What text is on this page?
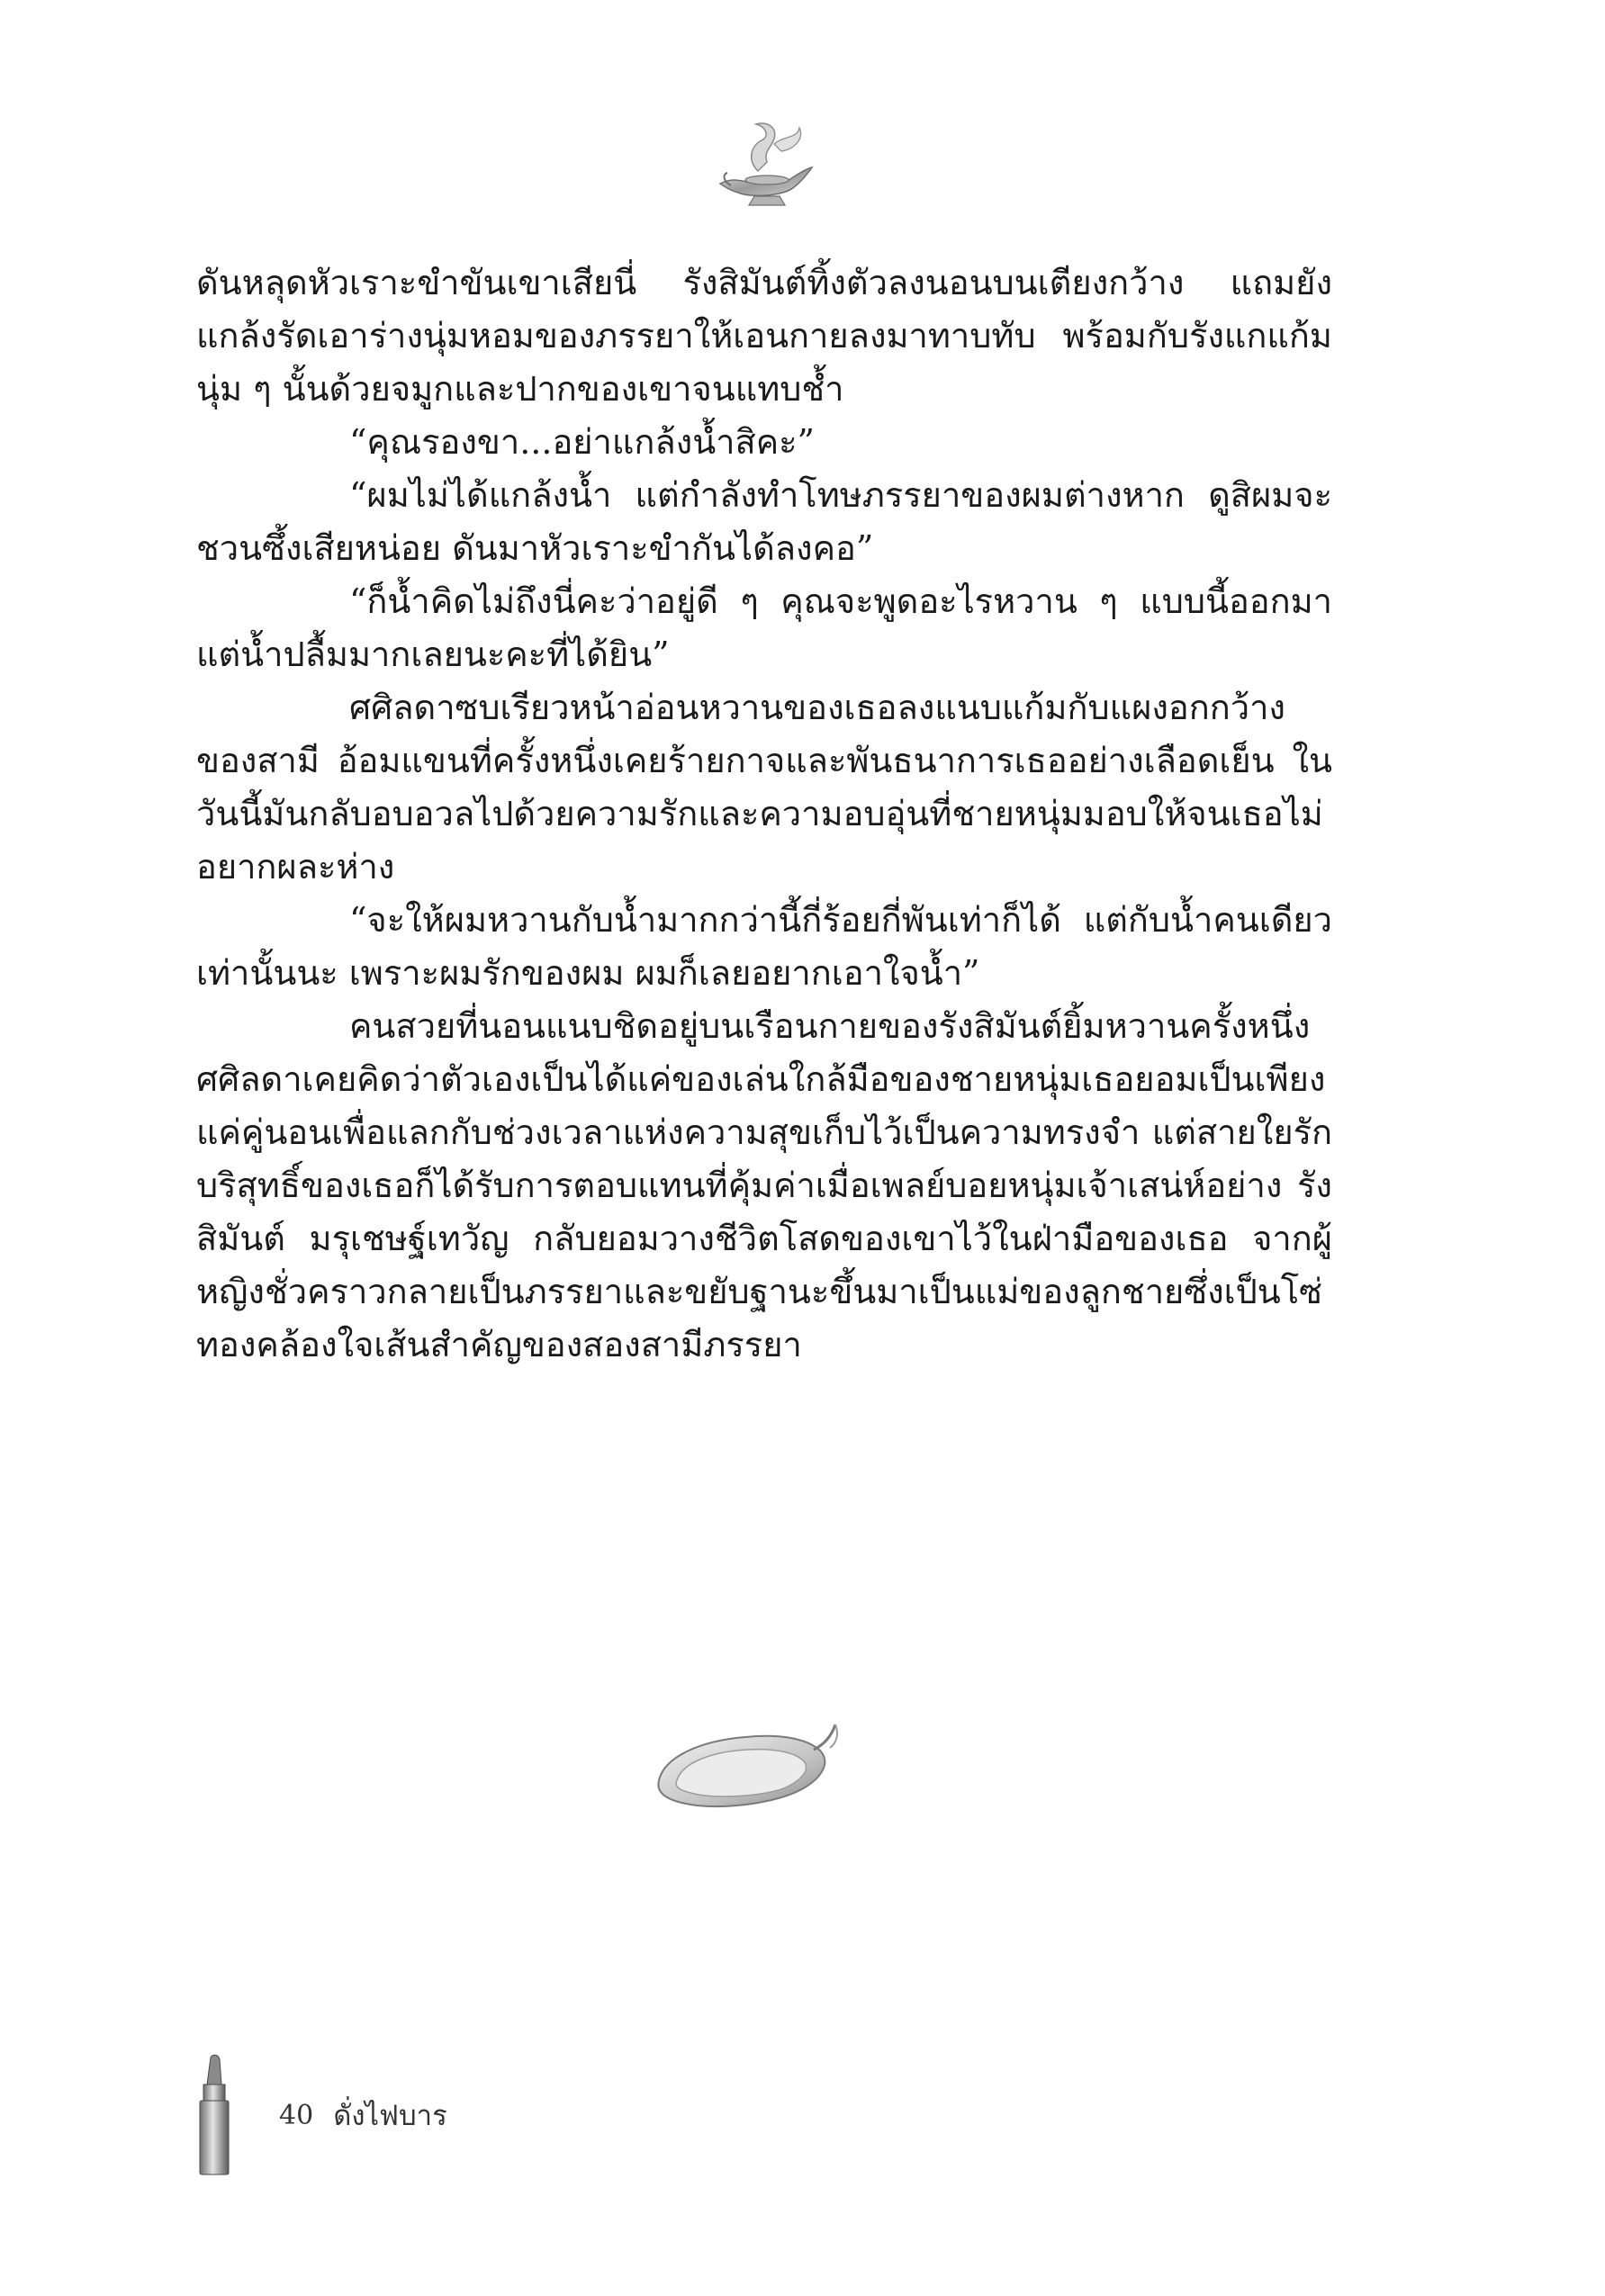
ดันหลุดหัวเราะขำขันเขาเสียนี่ รังสิมันต์ทิ้งตัวลงนอนบนเตียงกว้าง แถมยังแกล้งรัดเอาร่างนุ่มหอมของภรรยาให้เอนกายลงมาทาบทับ พร้อมกับรังแกแก้มนุ่ม ๆ นั้นด้วยจมูกและปากของเขาจนแทบช้ำ

“คุณรองขา...อย่าแกล้งน้ำสิคะ”

“ผมไม่ได้แกล้งน้ำ แต่กำลังทำโทษภรรยาของผมต่างหาก ดูสิผมจะชวนซึ้งเสียหน่อย ดันมาหัวเราะขำกันได้ลงคอ”

“ก็น้ำคิดไม่ถึงนี่คะว่าอยู่ดี ๆ คุณจะพูดอะไรหวาน ๆ แบบนี้ออกมา แต่น้ำปลื้มมากเลยนะคะที่ได้ยิน”

ศศิลดาซบเรียวหน้าอ่อนหวานของเธอลงแนบแก้มกับแผงอกกว้างของสามี อ้อมแขนที่ครั้งหนึ่งเคยร้ายกาจและพันธนาการเธออย่างเลือดเย็น ในวันนี้มันกลับอบอวลไปด้วยความรักและความอบอุ่นที่ชายหนุ่มมอบให้จนเธอไม่อยากผละห่าง

“จะให้ผมหวานกับน้ำมากกว่านี้กี่ร้อยกี่พันเท่าก็ได้ แต่กับน้ำคนเดียวเท่านั้นนะ เพราะผมรักของผม ผมก็เลยอยากเอาใจน้ำ”

คนสวยที่นอนแนบชิดอยู่บนเรือนกายของรังสิมันต์ยิ้มหวานครั้งหนึ่งศศิลดาเคยคิดว่าตัวเองเป็นได้แค่ของเล่นใกล้มือของชายหนุ่มเธอยอมเป็นเพียงแค่คู่นอนเพื่อแลกกับช่วงเวลาแห่งความสุขเก็บไว้เป็นความทรงจำ แต่สายใยรักบริสุทธิ์ของเธอก็ได้รับการตอบแทนที่คุ้มค่าเมื่อเพลย์บอยหนุ่มเจ้าเสน่ห์อย่าง รังสิมันต์ มรุเชษฐ์เทวัญ กลับยอมวางชีวิตโสดของเขาไว้ในฝ่ามือของเธอ จากผู้หญิงชั่วคราวกลายเป็นภรรยาและขยับฐานะขึ้นมาเป็นแม่ของลูกชายซึ่งเป็นโซ่ทองคล้องใจเส้นสำคัญของสองสามีภรรยา

40 ดั่งไฟบาร
